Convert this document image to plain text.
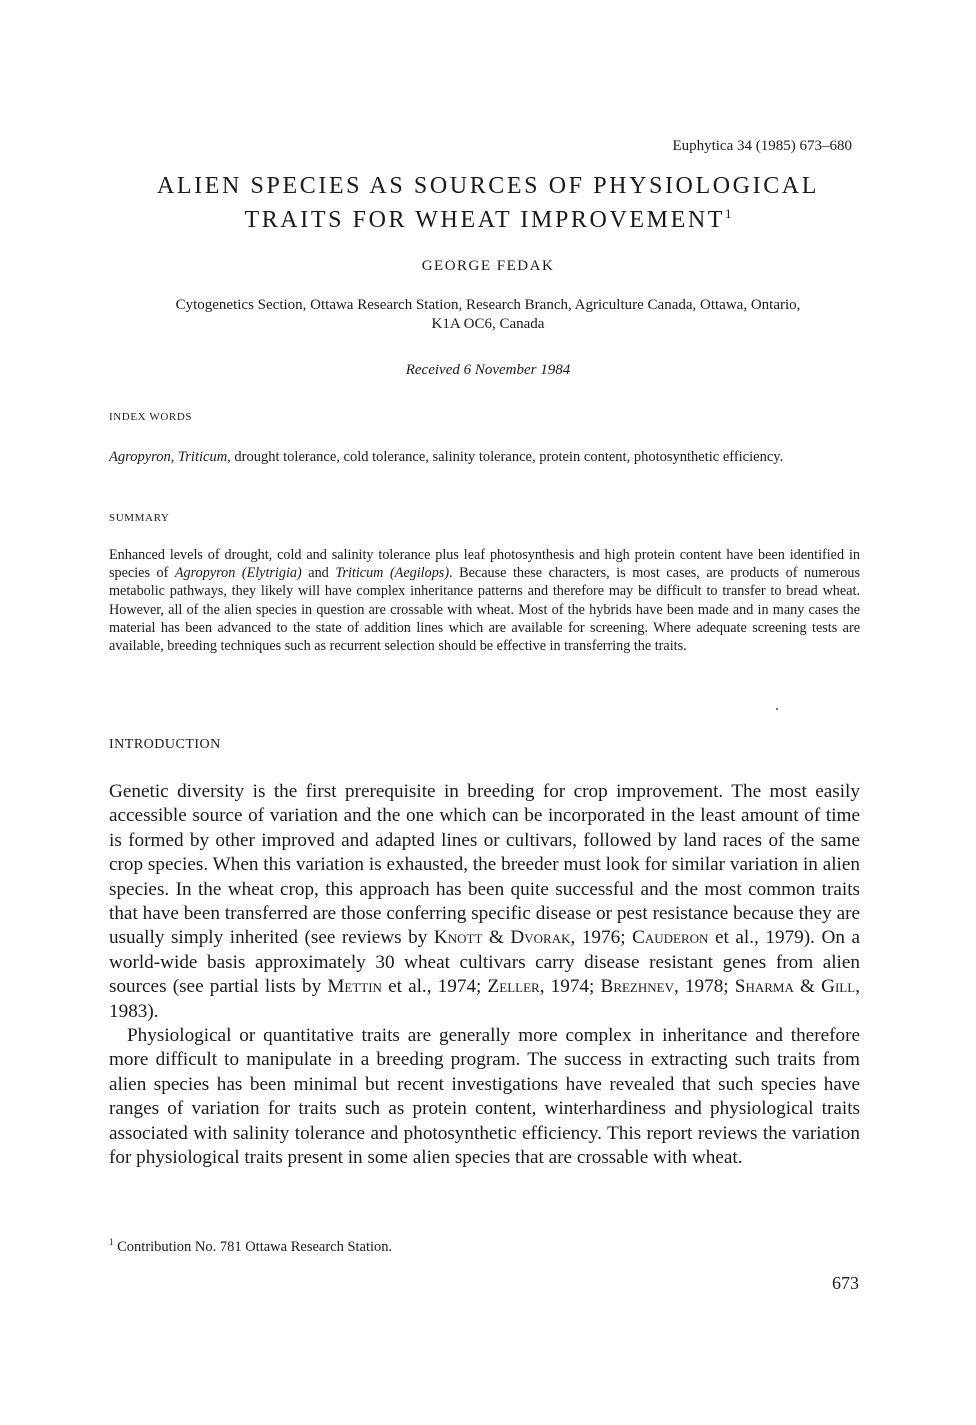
Euphytica 34 (1985) 673–680
ALIEN SPECIES AS SOURCES OF PHYSIOLOGICAL
TRAITS FOR WHEAT IMPROVEMENT$^1$
GEORGE FEDAK
Cytogenetics Section, Ottawa Research Station, Research Branch, Agriculture Canada, Ottawa, Ontario,
K1A OC6, Canada
Received 6 November 1984
INDEX WORDS
Agropyron, Triticum, drought tolerance, cold tolerance, salinity tolerance, protein content, photosynthetic efficiency.
SUMMARY
Enhanced levels of drought, cold and salinity tolerance plus leaf photosynthesis and high protein content have been identified in species of Agropyron (Elytrigia) and Triticum (Aegilops). Because these characters, is most cases, are products of numerous metabolic pathways, they likely will have complex inheritance patterns and therefore may be difficult to transfer to bread wheat. However, all of the alien species in question are crossable with wheat. Most of the hybrids have been made and in many cases the material has been advanced to the state of addition lines which are available for screening. Where adequate screening tests are available, breeding techniques such as recurrent selection should be effective in transferring the traits.
INTRODUCTION

Genetic diversity is the first prerequisite in breeding for crop improvement. The most easily accessible source of variation and the one which can be incorporated in the least amount of time is formed by other improved and adapted lines or cultivars, followed by land races of the same crop species. When this variation is exhausted, the breeder must look for similar variation in alien species. In the wheat crop, this approach has been quite successful and the most common traits that have been transferred are those conferring specific disease or pest resistance because they are usually simply inherited (see reviews by Knott & Dvorak, 1976; Cauderon et al., 1979). On a world-wide basis approximately 30 wheat cultivars carry disease resistant genes from alien sources (see partial lists by Mettin et al., 1974; Zeller, 1974; Brezhnev, 1978; Sharma & Gill, 1983).

Physiological or quantitative traits are generally more complex in inheritance and therefore more difficult to manipulate in a breeding program. The success in extracting such traits from alien species has been minimal but recent investigations have revealed that such species have ranges of variation for traits such as protein content, winterhardiness and physiological traits associated with salinity tolerance and photosynthetic efficiency. This report reviews the variation for physiological traits present in some alien species that are crossable with wheat.

$^1$ Contribution No. 781 Ottawa Research Station.
673
